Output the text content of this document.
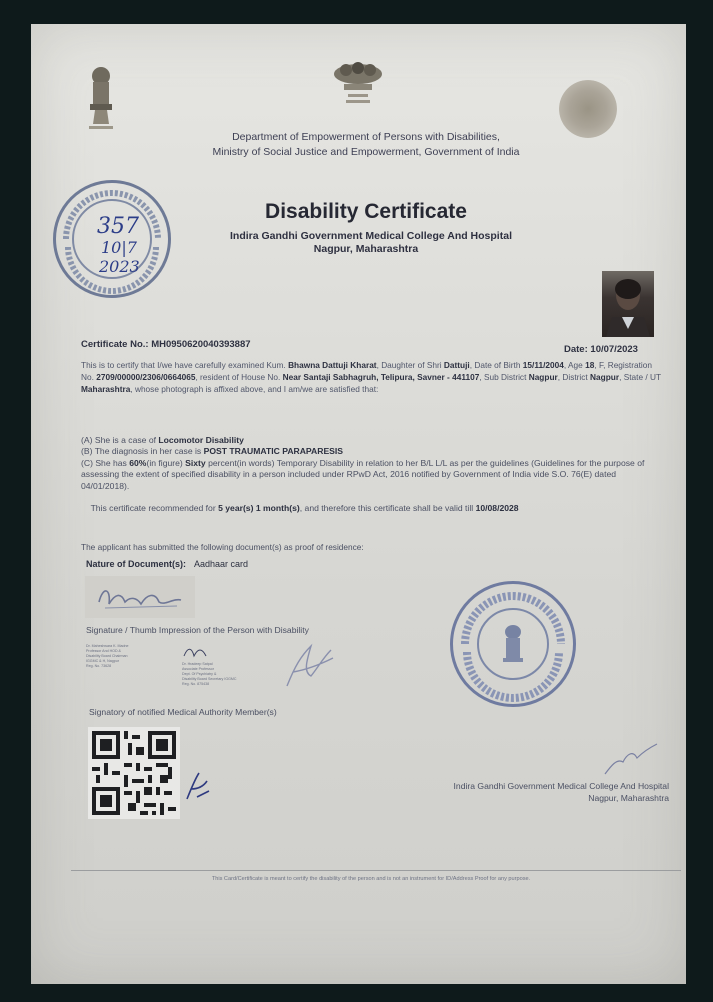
Department of Empowerment of Persons with Disabilities,
Ministry of Social Justice and Empowerment, Government of India
357
10|7
2023
Disability Certificate
Indira Gandhi Government Medical College And Hospital
Nagpur, Maharashtra
Certificate No.: MH0950620040393887	Date: 10/07/2023
This is to certify that I/we have carefully examined Kum. Bhawna Dattuji Kharat, Daughter of Shri Dattuji, Date of Birth 15/11/2004, Age 18, F, Registration No. 2709/00000/2306/0664065, resident of House No. Near Santaji Sabhagruh, Telipura, Savner - 441107, Sub District Nagpur, District Nagpur, State / UT Maharashtra, whose photograph is affixed above, and I am/we are satisfied that:
(A) She is a case of Locomotor Disability
(B) The diagnosis in her case is POST TRAUMATIC PARAPARESIS
(C) She has 60%(in figure) Sixty percent(in words) Temporary Disability in relation to her B/L L/L as per the guidelines (Guidelines for the purpose of assessing the extent of specified disability in a person included under RPwD Act, 2016 notified by Government of India vide S.O. 76(E) dated 04/01/2018).
This certificate recommended for 5 year(s) 1 month(s), and therefore this certificate shall be valid till 10/08/2028
The applicant has submitted the following document(s) as proof of residence:
Nature of Document(s): Aadhaar card
Signature / Thumb Impression of the Person with Disability
Dr. Maheshwara K. Madne
Professor And HOD &
Disability Board Chairman
IGGMC & H, Nagpur
Reg. No. 73628	Dr. Hradeep Satpal
Associate Professor
Dept. Of Psychiatry &
Disability Board Secretary IGGMC
Reg. No. 875438
Signatory of notified Medical Authority Member(s)
Indira Gandhi Government Medical College And Hospital
Nagpur, Maharashtra
This Card/Certificate is meant to certify the disability of the person and is not an instrument for ID/Address Proof for any purpose.
